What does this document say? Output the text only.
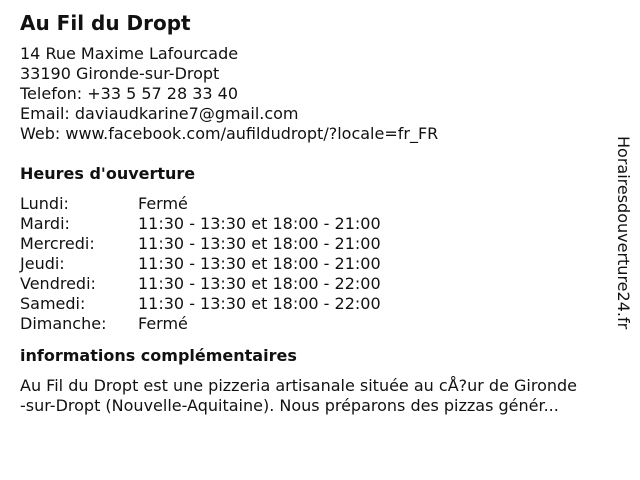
Au Fil du Dropt
14 Rue Maxime Lafourcade
33190 Gironde-sur-Dropt
Telefon: +33 5 57 28 33 40
Email: daviaudkarine7@gmail.com
Web: www.facebook.com/aufildudropt/?locale=fr_FR
Heures d'ouverture
Lundi:	Fermé
Mardi:	11:30 - 13:30 et 18:00 - 21:00
Mercredi:	11:30 - 13:30 et 18:00 - 21:00
Jeudi:	11:30 - 13:30 et 18:00 - 21:00
Vendredi:	11:30 - 13:30 et 18:00 - 22:00
Samedi:	11:30 - 13:30 et 18:00 - 22:00
Dimanche:	Fermé
informations complémentaires
Au Fil du Dropt est une pizzeria artisanale située au cÅ?ur de Gironde
-sur-Dropt (Nouvelle-Aquitaine). Nous préparons des pizzas génér...
Horairesdouverture24.fr
